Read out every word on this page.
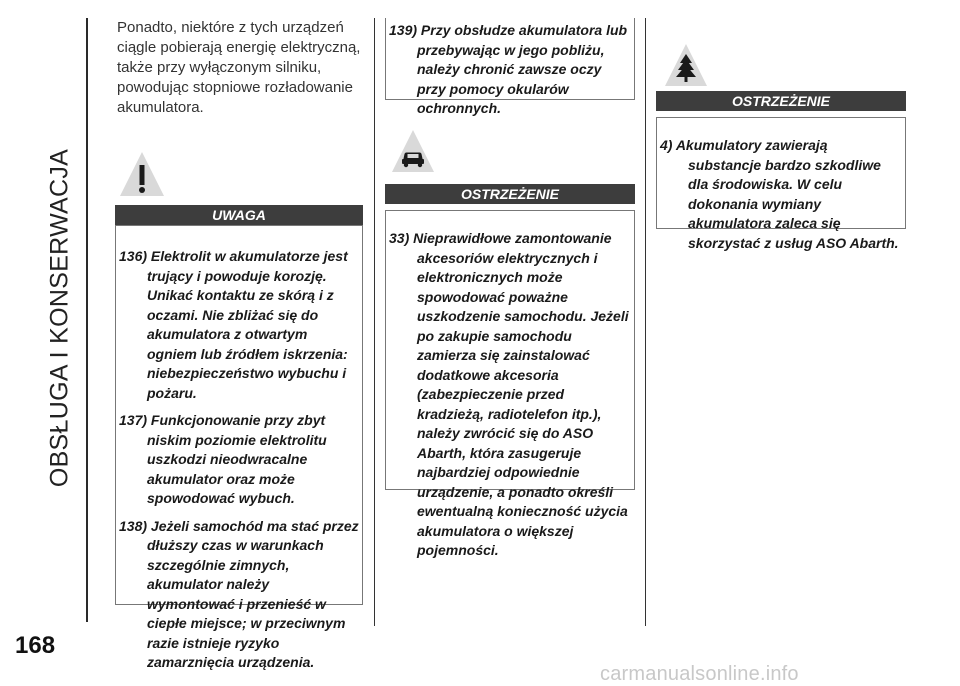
OBSŁUGA I KONSERWACJA
168
Ponadto, niektóre z tych urządzeń ciągle pobierają energię elektryczną, także przy wyłączonym silniku, powodując stopniowe rozładowanie akumulatora.
UWAGA

136) Elektrolit w akumulatorze jest trujący i powoduje korozję. Unikać kontaktu ze skórą i z oczami. Nie zbliżać się do akumulatora z otwartym ogniem lub źródłem iskrzenia: niebezpieczeństwo wybuchu i pożaru.

137) Funkcjonowanie przy zbyt niskim poziomie elektrolitu uszkodzi nieodwracalne akumulator oraz może spowodować wybuch.

138) Jeżeli samochód ma stać przez dłuższy czas w warunkach szczególnie zimnych, akumulator należy wymontować i przenieść w ciepłe miejsce; w przeciwnym razie istnieje ryzyko zamarznięcia urządzenia.

139) Przy obsłudze akumulatora lub przebywając w jego pobliżu, należy chronić zawsze oczy przy pomocy okularów ochronnych.

OSTRZEŻENIE

33) Nieprawidłowe zamontowanie akcesoriów elektrycznych i elektronicznych może spowodować poważne uszkodzenie samochodu. Jeżeli po zakupie samochodu zamierza się zainstalować dodatkowe akcesoria (zabezpieczenie przed kradzieżą, radiotelefon itp.), należy zwrócić się do ASO Abarth, która zasugeruje najbardziej odpowiednie urządzenie, a ponadto określi ewentualną konieczność użycia akumulatora o większej pojemności.

OSTRZEŻENIE

4) Akumulatory zawierają substancje bardzo szkodliwe dla środowiska. W celu dokonania wymiany akumulatora zaleca się skorzystać z usług ASO Abarth.

carmanualsonline.info
